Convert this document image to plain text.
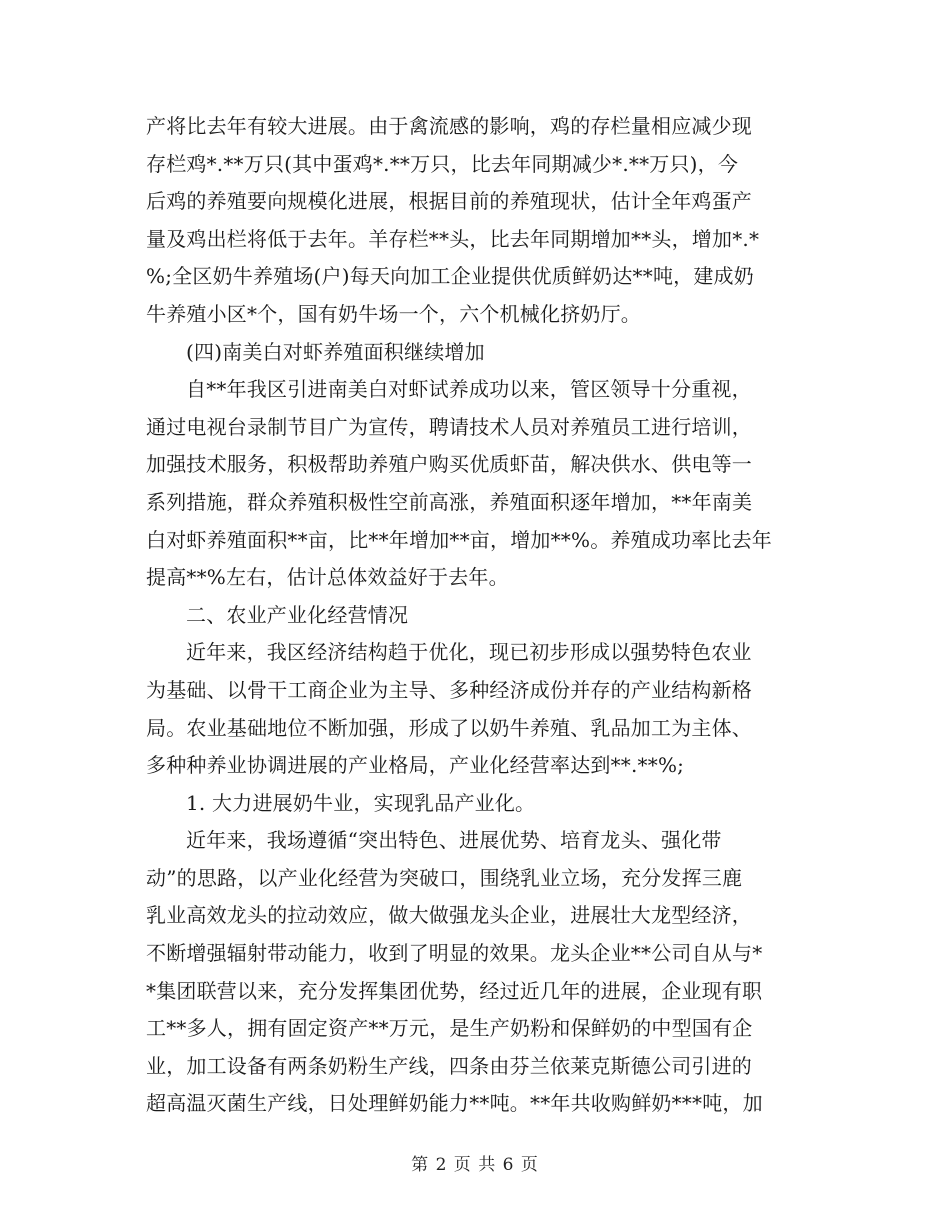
产将比去年有较大进展。由于禽流感的影响，鸡的存栏量相应减少现
存栏鸡*.**万只(其中蛋鸡*.**万只，比去年同期减少*.**万只)，今
后鸡的养殖要向规模化进展，根据目前的养殖现状，估计全年鸡蛋产
量及鸡出栏将低于去年。羊存栏**头，比去年同期增加**头，增加*.*
%;全区奶牛养殖场(户)每天向加工企业提供优质鲜奶达**吨，建成奶
牛养殖小区*个，国有奶牛场一个，六个机械化挤奶厅。
(四)南美白对虾养殖面积继续增加
自**年我区引进南美白对虾试养成功以来，管区领导十分重视，
通过电视台录制节目广为宣传，聘请技术人员对养殖员工进行培训，
加强技术服务，积极帮助养殖户购买优质虾苗，解决供水、供电等一
系列措施，群众养殖积极性空前高涨，养殖面积逐年增加，**年南美
白对虾养殖面积**亩，比**年增加**亩，增加**%。养殖成功率比去年
提高**%左右，估计总体效益好于去年。
二、农业产业化经营情况
近年来，我区经济结构趋于优化，现已初步形成以强势特色农业
为基础、以骨干工商企业为主导、多种经济成份并存的产业结构新格
局。农业基础地位不断加强，形成了以奶牛养殖、乳品加工为主体、
多种种养业协调进展的产业格局，产业化经营率达到**.**%;
1. 大力进展奶牛业，实现乳品产业化。
近年来，我场遵循“突出特色、进展优势、培育龙头、强化带
动”的思路，以产业化经营为突破口，围绕乳业立场，充分发挥三鹿
乳业高效龙头的拉动效应，做大做强龙头企业，进展壮大龙型经济，
不断增强辐射带动能力，收到了明显的效果。龙头企业**公司自从与*
*集团联营以来，充分发挥集团优势，经过近几年的进展，企业现有职
工**多人，拥有固定资产**万元，是生产奶粉和保鲜奶的中型国有企
业，加工设备有两条奶粉生产线，四条由芬兰依莱克斯德公司引进的
超高温灭菌生产线，日处理鲜奶能力**吨。**年共收购鲜奶***吨，加
第 2 页 共 6 页
